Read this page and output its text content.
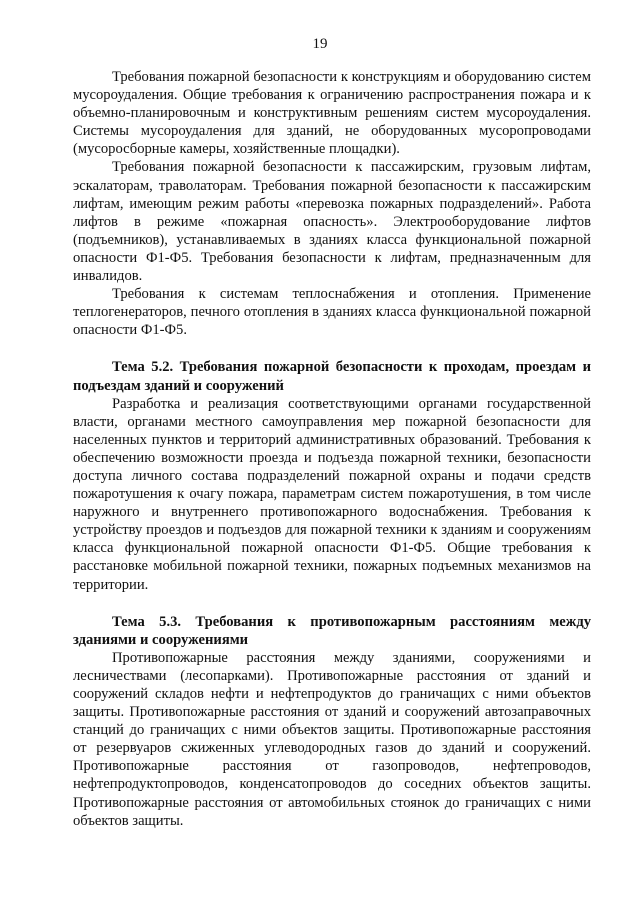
19

Требования пожарной безопасности к конструкциям и оборудованию систем мусороудаления. Общие требования к ограничению распространения пожара и к объемно-планировочным и конструктивным решениям систем мусороудаления. Системы мусороудаления для зданий, не оборудованных мусоропроводами (мусоросборные камеры, хозяйственные площадки).

Требования пожарной безопасности к пассажирским, грузовым лифтам, эскалаторам, траволаторам. Требования пожарной безопасности к пассажирским лифтам, имеющим режим работы «перевозка пожарных подразделений». Работа лифтов в режиме «пожарная опасность». Электрооборудование лифтов (подъемников), устанавливаемых в зданиях класса функциональной пожарной опасности Ф1-Ф5. Требования безопасности к лифтам, предназначенным для инвалидов.

Требования к системам теплоснабжения и отопления. Применение теплогенераторов, печного отопления в зданиях класса функциональной пожарной опасности Ф1-Ф5.

Тема 5.2. Требования пожарной безопасности к проходам, проездам и подъездам зданий и сооружений

Разработка и реализация соответствующими органами государственной власти, органами местного самоуправления мер пожарной безопасности для населенных пунктов и территорий административных образований. Требования к обеспечению возможности проезда и подъезда пожарной техники, безопасности доступа личного состава подразделений пожарной охраны и подачи средств пожаротушения к очагу пожара, параметрам систем пожаротушения, в том числе наружного и внутреннего противопожарного водоснабжения. Требования к устройству проездов и подъездов для пожарной техники к зданиям и сооружениям класса функциональной пожарной опасности Ф1-Ф5. Общие требования к расстановке мобильной пожарной техники, пожарных подъемных механизмов на территории.

Тема 5.3. Требования к противопожарным расстояниям между зданиями и сооружениями

Противопожарные расстояния между зданиями, сооружениями и лесничествами (лесопарками). Противопожарные расстояния от зданий и сооружений складов нефти и нефтепродуктов до граничащих с ними объектов защиты. Противопожарные расстояния от зданий и сооружений автозаправочных станций до граничащих с ними объектов защиты. Противопожарные расстояния от резервуаров сжиженных углеводородных газов до зданий и сооружений. Противопожарные расстояния от газопроводов, нефтепроводов, нефтепродуктопроводов, конденсатопроводов до соседних объектов защиты. Противопожарные расстояния от автомобильных стоянок до граничащих с ними объектов защиты.
